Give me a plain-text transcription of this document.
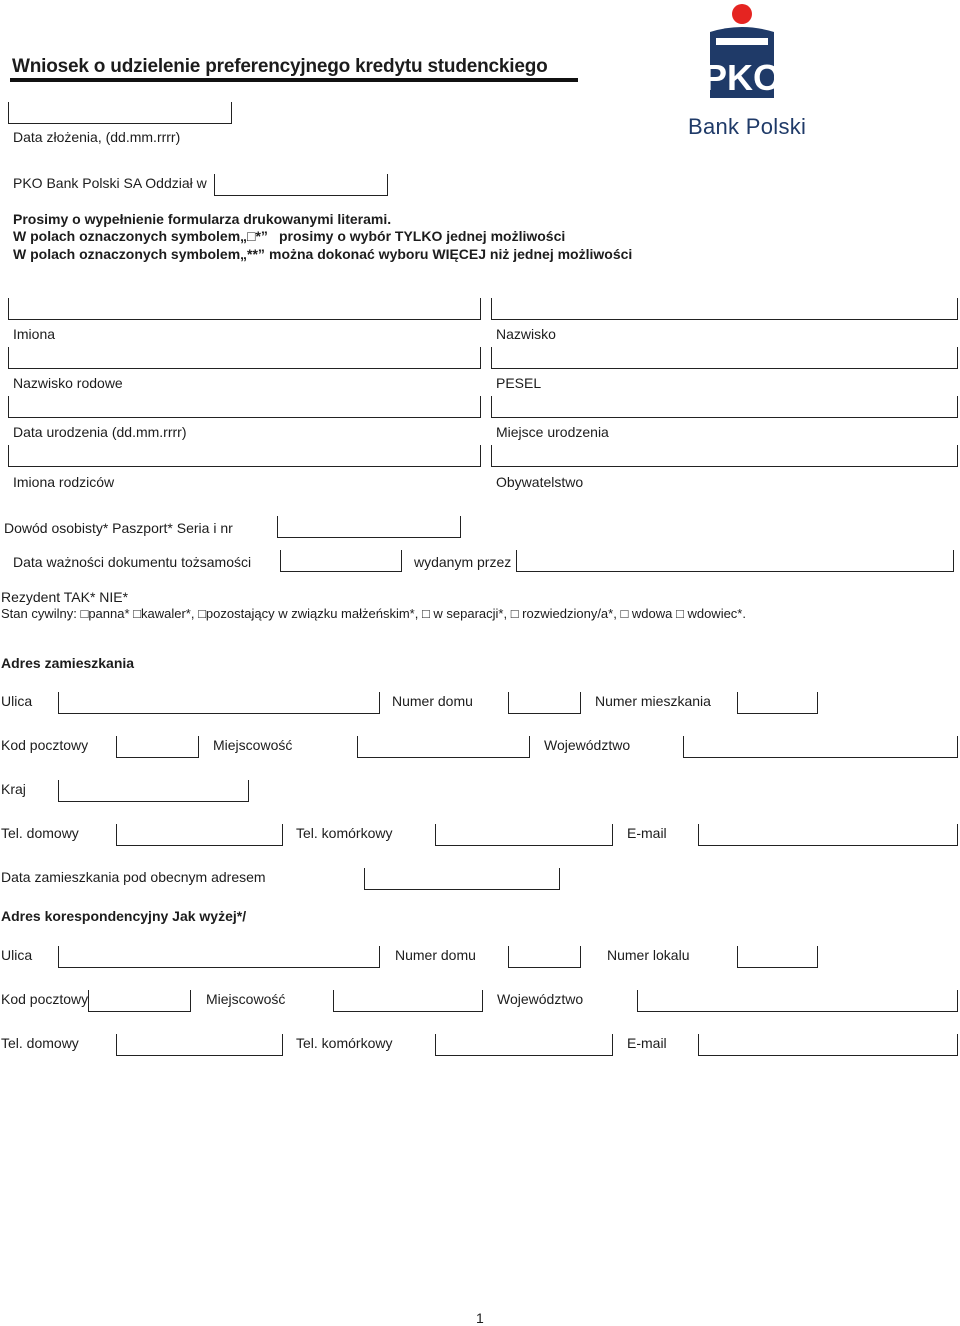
Wniosek o udzielenie preferencyjnego kredytu studenckiego	PKO
Bank Polski
Data złożenia, (dd.mm.rrrr)
PKO Bank Polski SA Oddział w
Prosimy o wypełnienie formularza drukowanymi literami.
W polach oznaczonych symbolem „□*” prosimy o wybór TYLKO jednej możliwości
W polach oznaczonych symbolem „**” można dokonać wyboru WIĘCEJ niż jednej możliwości
Imiona	Nazwisko
Nazwisko rodowe	PESEL
Data urodzenia (dd.mm.rrrr)	Miejsce urodzenia
Imiona rodziców	Obywatelstwo
Dowód osobisty* Paszport* Seria i nr
Data ważności dokumentu tożsamości	wydanym przez
Rezydent TAK* NIE*
Stan cywilny: □panna* □kawaler*, □pozostający w związku małżeńskim*, □ w separacji*, □ rozwiedziony/a*, □ wdowa □ wdowiec*.
Adres zamieszkania
Ulica	Numer domu	Numer mieszkania
Kod pocztowy	Miejscowość	Województwo
Kraj
Tel. domowy	Tel. komórkowy	E-mail
Data zamieszkania pod obecnym adresem
Adres korespondencyjny Jak wyżej*/
Ulica	Numer domu	Numer lokalu
Kod pocztowy	Miejscowość	Województwo
Tel. domowy	Tel. komórkowy	E-mail
1
